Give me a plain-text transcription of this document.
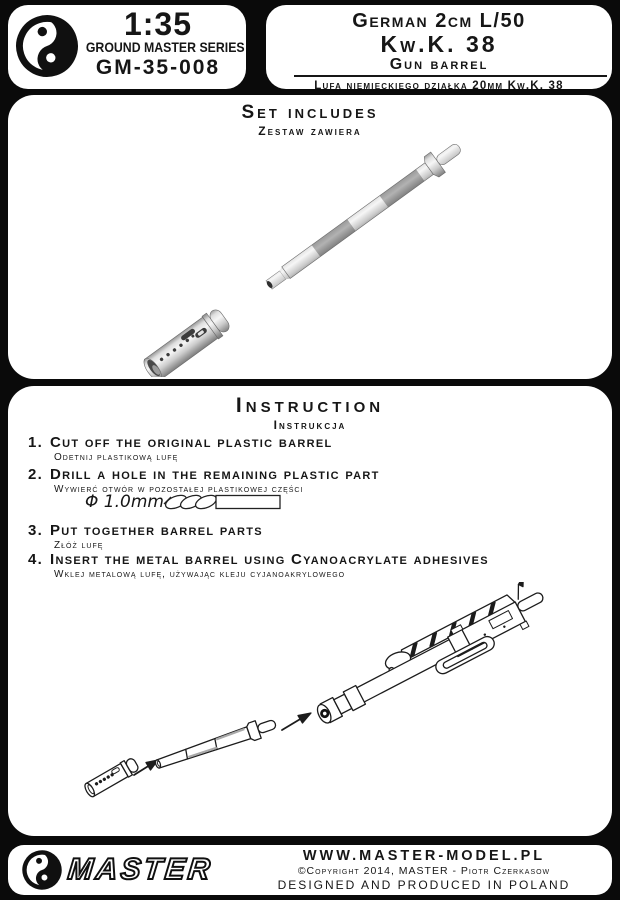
1:35
GROUND MASTER SERIES
GM-35-008
German 2cm L/50
Kw.K. 38
Gun barrel
Lufa niemieckiego działka 20mm Kw.K. 38
Set includes
Zestaw zawiera
Instruction
Instrukcja
1. Cut off the original plastic barrel
Odetnij plastikową lufę
2. Drill a hole in the remaining plastic part
Wywierć otwór w pozostałej plastikowej części
Φ 1.0mm
3. Put together barrel parts
Złóż lufę
4. Insert the metal barrel using Cyanoacrylate adhesives
Wklej metalową lufę, używając kleju cyjanoakrylowego
MASTER	WWW.MASTER-MODEL.PL
©Copyright 2014, MASTER - Piotr Czerkasow
DESIGNED AND PRODUCED IN POLAND
